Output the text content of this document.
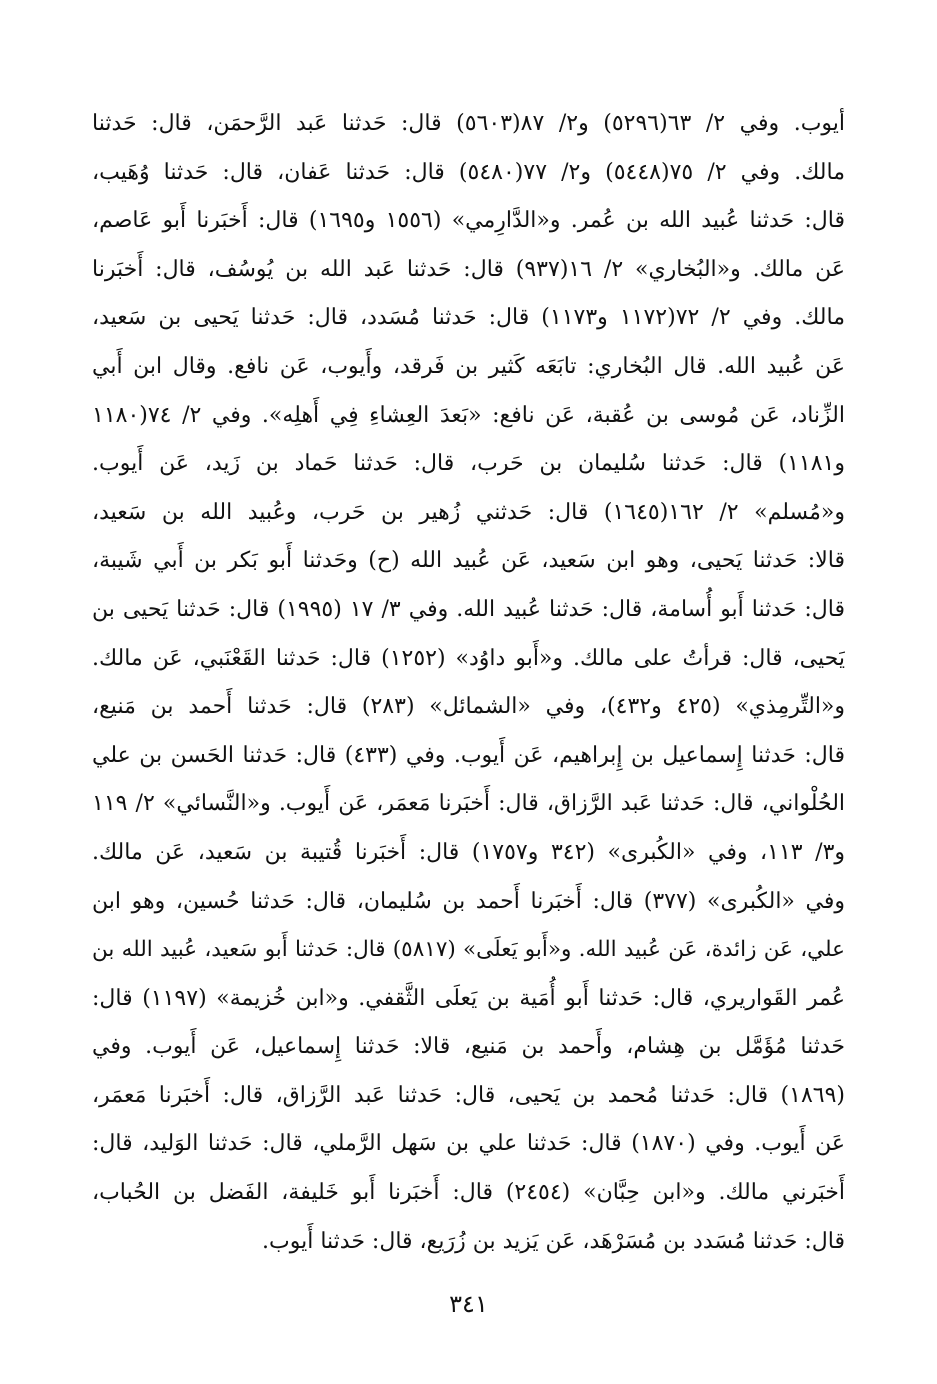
أيوب. وفي ٢/ ٦٣(٥٢٩٦) و٢/ ٨٧(٥٦٠٣) قال: حَدثنا عَبد الرَّحمَن، قال: حَدثنا
مالك. وفي ٢/ ٧٥(٥٤٤٨) و٢/ ٧٧(٥٤٨٠) قال: حَدثنا عَفان، قال: حَدثنا وُهَيب،
قال: حَدثنا عُبيد الله بن عُمر. و«الدَّارِمي» (١٥٥٦ و١٦٩٥) قال: أَخبَرنا أَبو عَاصم،
عَن مالك. و«البُخاري» ٢/ ١٦(٩٣٧) قال: حَدثنا عَبد الله بن يُوسُف، قال: أَخبَرنا
مالك. وفي ٢/ ٧٢(١١٧٢ و١١٧٣) قال: حَدثنا مُسَدد، قال: حَدثنا يَحيى بن سَعيد،
عَن عُبيد الله. قال البُخاري: تابَعَه كَثير بن فَرقد، وأَيوب، عَن نافع. وقال ابن أَبي
الزِّناد، عَن مُوسى بن عُقبة، عَن نافع: «بَعدَ العِشاءِ فِي أَهلِه». وفي ٢/ ٧٤(١١٨٠
و١١٨١) قال: حَدثنا سُليمان بن حَرب، قال: حَدثنا حَماد بن زَيد، عَن أَيوب.
و«مُسلم» ٢/ ١٦٢(١٦٤٥) قال: حَدثني زُهير بن حَرب، وعُبيد الله بن سَعيد،
قالا: حَدثنا يَحيى، وهو ابن سَعيد، عَن عُبيد الله (ح) وحَدثنا أَبو بَكر بن أَبي شَيبة،
قال: حَدثنا أَبو أُسامة، قال: حَدثنا عُبيد الله. وفي ٣/ ١٧ (١٩٩٥) قال: حَدثنا يَحيى بن
يَحيى، قال: قرأتُ على مالك. و«أَبو داوُد» (١٢٥٢) قال: حَدثنا القَعْنَبي، عَن مالك.
و«التِّرمِذي» (٤٢٥ و٤٣٢)، وفي «الشمائل» (٢٨٣) قال: حَدثنا أَحمد بن مَنيع،
قال: حَدثنا إِسماعيل بن إِبراهيم، عَن أَيوب. وفي (٤٣٣) قال: حَدثنا الحَسن بن علي
الحُلْواني، قال: حَدثنا عَبد الرَّزاق، قال: أَخبَرنا مَعمَر، عَن أَيوب. و«النَّسائي» ٢/ ١١٩
و٣/ ١١٣، وفي «الكُبرى» (٣٤٢ و١٧٥٧) قال: أَخبَرنا قُتيبة بن سَعيد، عَن مالك.
وفي «الكُبرى» (٣٧٧) قال: أَخبَرنا أَحمد بن سُليمان، قال: حَدثنا حُسين، وهو ابن
علي، عَن زائدة، عَن عُبيد الله. و«أَبو يَعلَى» (٥٨١٧) قال: حَدثنا أَبو سَعيد، عُبيد الله بن
عُمر القَواريري، قال: حَدثنا أَبو أُمَية بن يَعلَى الثَّقفي. و«ابن خُزيمة» (١١٩٧) قال:
حَدثنا مُؤَمَّل بن هِشام، وأَحمد بن مَنيع، قالا: حَدثنا إِسماعيل، عَن أَيوب. وفي
(١٨٦٩) قال: حَدثنا مُحمد بن يَحيى، قال: حَدثنا عَبد الرَّزاق، قال: أَخبَرنا مَعمَر،
عَن أَيوب. وفي (١٨٧٠) قال: حَدثنا علي بن سَهل الرَّملي، قال: حَدثنا الوَليد، قال:
أَخبَرني مالك. و«ابن حِبَّان» (٢٤٥٤) قال: أَخبَرنا أَبو خَليفة، الفَضل بن الحُباب،
قال: حَدثنا مُسَدد بن مُسَرْهَد، عَن يَزيد بن زُرَيع، قال: حَدثنا أَيوب.
٣٤١
